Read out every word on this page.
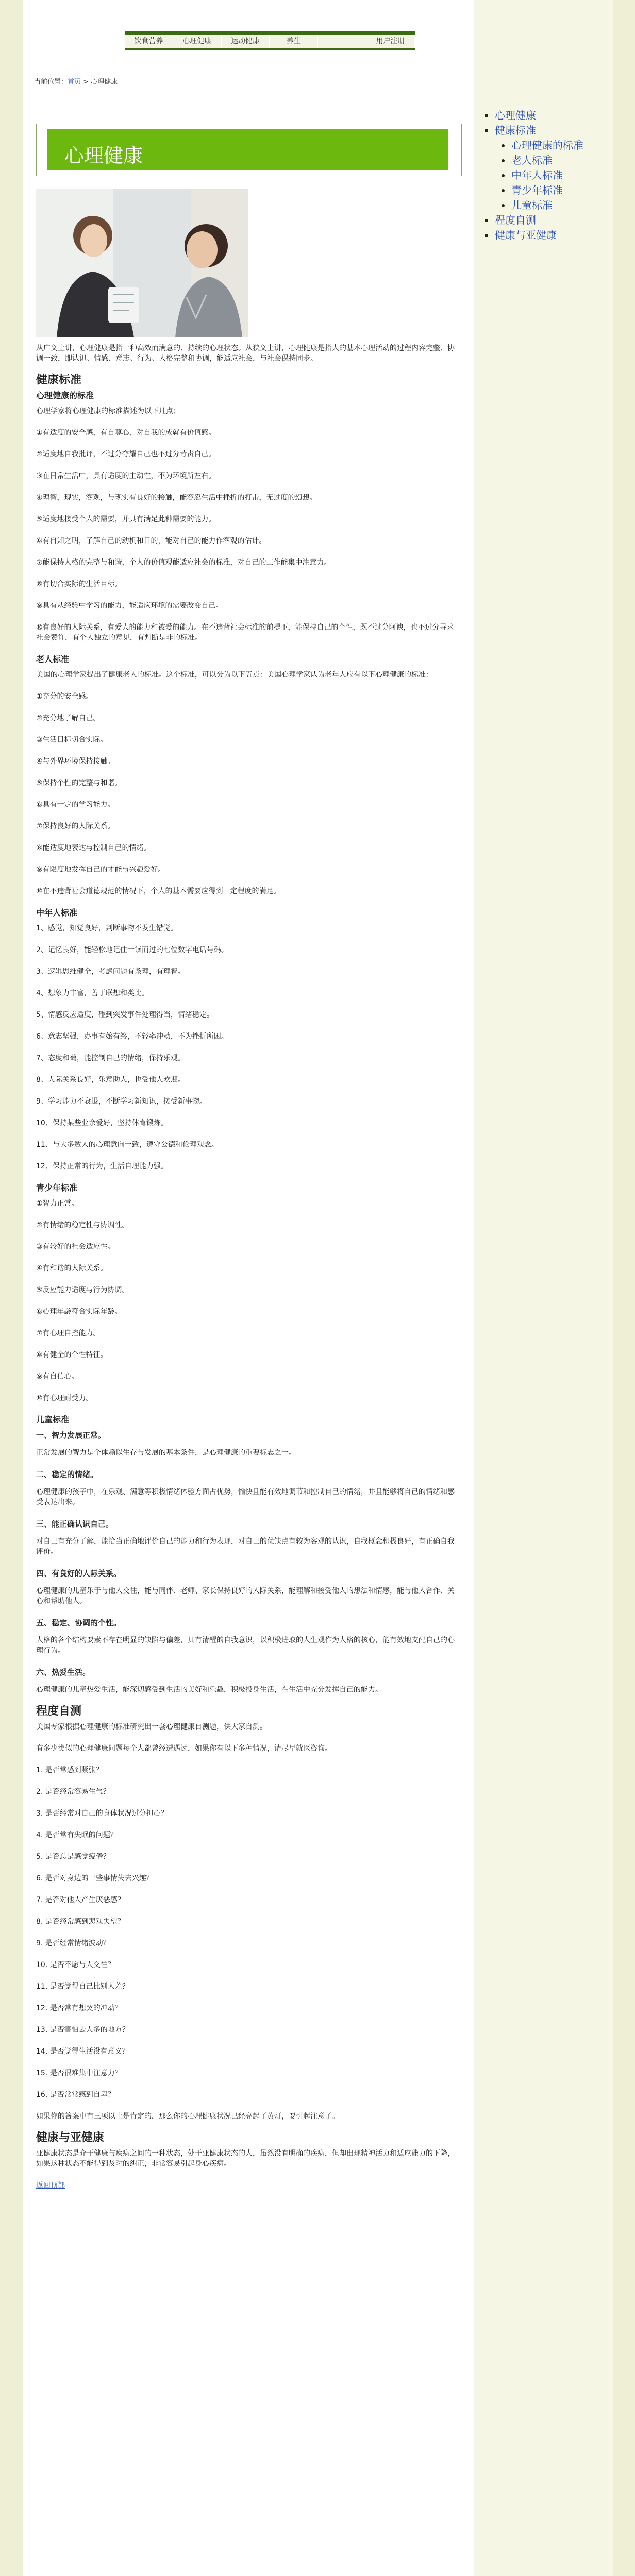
饮食营养	心理健康	运动健康	养生	用户注册
当前位置：首页 > 心理健康
心理健康

从广义上讲，心理健康是指一种高效而满意的、持续的心理状态。从狭义上讲，心理健康是指人的基本心理活动的过程内容完整、协调一致，即认识、情感、意志、行为、人格完整和协调，能适应社会，与社会保持同步。

健康标准
心理健康的标准

心理学家将心理健康的标准描述为以下几点：

①有适度的安全感，有自尊心，对自我的成就有价值感。

②适度地自我批评，不过分夸耀自己也不过分苛责自己。

③在日常生活中，具有适度的主动性，不为环境所左右。

④理智，现实，客观，与现实有良好的接触，能容忍生活中挫折的打击，无过度的幻想。

⑤适度地接受个人的需要，并具有满足此种需要的能力。

⑥有自知之明，了解自己的动机和目的，能对自己的能力作客观的估计。

⑦能保持人格的完整与和谐，个人的价值观能适应社会的标准，对自己的工作能集中注意力。

⑧有切合实际的生活目标。

⑨具有从经验中学习的能力，能适应环境的需要改变自己。

⑩有良好的人际关系，有爱人的能力和被爱的能力。在不违背社会标准的前提下，能保持自己的个性，既不过分阿谀，也不过分寻求社会赞许，有个人独立的意见，有判断是非的标准。

老人标准

美国的心理学家提出了健康老人的标准。这个标准，可以分为以下五点：美国心理学家认为老年人应有以下心理健康的标准：

①充分的安全感。

②充分地了解自己。

③生活目标切合实际。

④与外界环境保持接触。

⑤保持个性的完整与和谐。

⑥具有一定的学习能力。

⑦保持良好的人际关系。

⑧能适度地表达与控制自己的情绪。

⑨有限度地发挥自己的才能与兴趣爱好。

⑩在不违背社会道德规范的情况下，个人的基本需要应得到一定程度的满足。

中年人标准

1、感觉，知觉良好，判断事物不发生错觉。

2、记忆良好，能轻松地记住一读而过的七位数字电话号码。

3、逻辑思维健全，考虑问题有条理，有理智。

4、想象力丰富，善于联想和类比。

5、情感反应适度，碰到突发事件处理得当，情绪稳定。

6、意志坚强，办事有始有终，不轻率冲动，不为挫折所困。

7、态度和蔼，能控制自己的情绪，保持乐观。

8、人际关系良好，乐意助人，也受他人欢迎。

9、学习能力不衰退，不断学习新知识，接受新事物。

10、保持某些业余爱好，坚持体育锻炼。

11、与大多数人的心理意向一致，遵守公德和伦理观念。

12、保持正常的行为，生活自理能力强。

青少年标准

①智力正常。

②有情绪的稳定性与协调性。

③有较好的社会适应性。

④有和谐的人际关系。

⑤反应能力适度与行为协调。

⑥心理年龄符合实际年龄。

⑦有心理自控能力。

⑧有健全的个性特征。

⑨有自信心。

⑩有心理耐受力。

儿童标准
一、智力发展正常。

正常发展的智力是个体赖以生存与发展的基本条件，是心理健康的重要标志之一。

二、稳定的情绪。

心理健康的孩子中，在乐观、满意等积极情绪体验方面占优势，愉快且能有效地调节和控制自己的情绪，并且能够将自己的情绪和感受表达出来。

三、能正确认识自己。

对自己有充分了解，能恰当正确地评价自己的能力和行为表现，对自己的优缺点有较为客观的认识，自我概念积极良好，有正确自我评价。

四、有良好的人际关系。

心理健康的儿童乐于与他人交往，能与同伴、老师、家长保持良好的人际关系，能理解和接受他人的想法和情感，能与他人合作、关心和帮助他人。

五、稳定、协调的个性。

人格的各个结构要素不存在明显的缺陷与偏差，具有清醒的自我意识，以积极进取的人生观作为人格的核心，能有效地支配自己的心理行为。

六、热爱生活。

心理健康的儿童热爱生活，能深切感受到生活的美好和乐趣，积极投身生活，在生活中充分发挥自己的能力。

程度自测

美国专家根据心理健康的标准研究出一套心理健康自测题，供大家自测。

有多少类似的心理健康问题每个人都曾经遭遇过，如果你有以下多种情况，请尽早就医咨询。

1. 是否常感到紧张？

2. 是否经常容易生气？

3. 是否经常对自己的身体状况过分担心？

4. 是否常有失眠的问题？

5. 是否总是感觉疲倦？

6. 是否对身边的一些事情失去兴趣？

7. 是否对他人产生厌恶感？

8. 是否经常感到悲观失望？

9. 是否经常情绪波动？

10. 是否不愿与人交往？

11. 是否觉得自己比别人差？

12. 是否常有想哭的冲动？

13. 是否害怕去人多的地方？

14. 是否觉得生活没有意义？

15. 是否很难集中注意力？

16. 是否常常感到自卑？

如果你的答案中有三项以上是肯定的，那么你的心理健康状况已经亮起了黄灯，要引起注意了。

健康与亚健康

亚健康状态是介于健康与疾病之间的一种状态，处于亚健康状态的人，虽然没有明确的疾病，但却出现精神活力和适应能力的下降，如果这种状态不能得到及时的纠正，非常容易引起身心疾病。

返回顶部

▪ 心理健康
▪ 健康标准
• 心理健康的标准
• 老人标准
• 中年人标准
• 青少年标准
• 儿童标准
▪ 程度自测
▪ 健康与亚健康
